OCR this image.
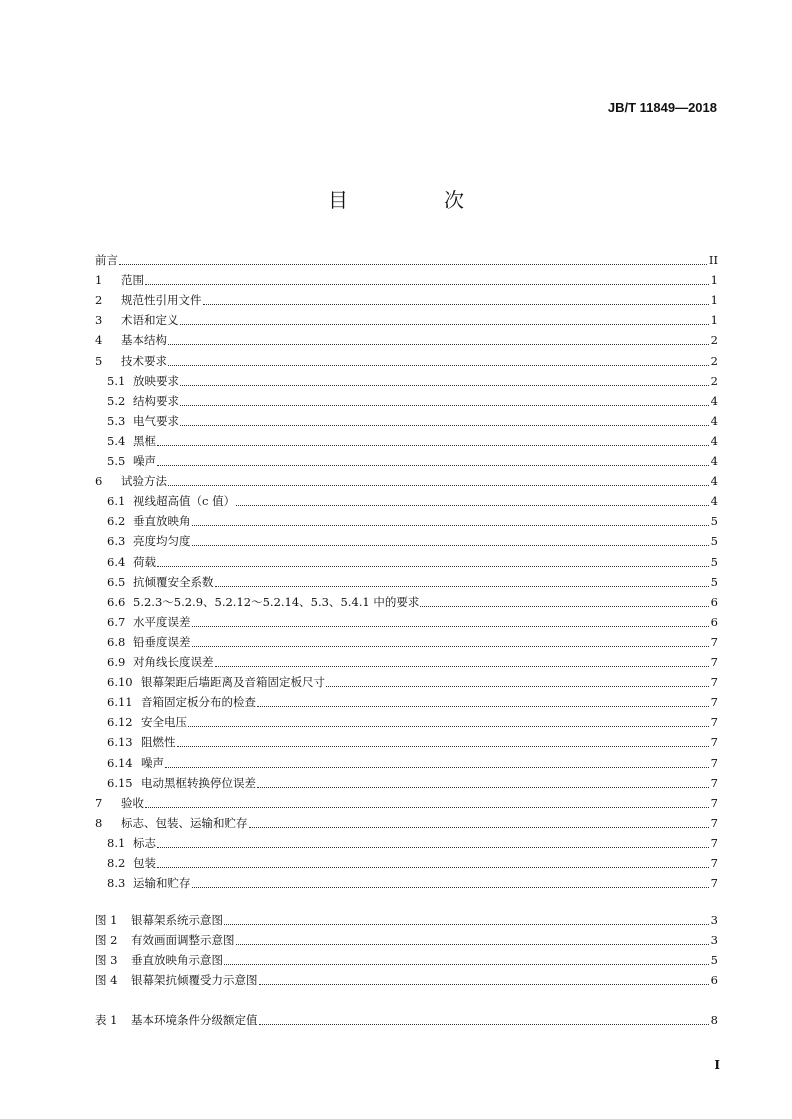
JB/T 11849—2018
目　次
前言	II
1	范围	1
2	规范性引用文件	1
3	术语和定义	1
4	基本结构	2
5	技术要求	2
5.1 放映要求	2
5.2 结构要求	4
5.3 电气要求	4
5.4 黑框	4
5.5 噪声	4
6	试验方法	4
6.1 视线超高值（c 值）	4
6.2 垂直放映角	5
6.3 亮度均匀度	5
6.4 荷载	5
6.5 抗倾覆安全系数	5
6.6 5.2.3～5.2.9、5.2.12～5.2.14、5.3、5.4.1 中的要求	6
6.7 水平度误差	6
6.8 铅垂度误差	7
6.9 对角线长度误差	7
6.10 银幕架距后墙距离及音箱固定板尺寸	7
6.11 音箱固定板分布的检查	7
6.12 安全电压	7
6.13 阻燃性	7
6.14 噪声	7
6.15 电动黑框转换停位误差	7
7	验收	7
8	标志、包装、运输和贮存	7
8.1 标志	7
8.2 包装	7
8.3 运输和贮存	7
图 1	银幕架系统示意图	3
图 2	有效画面调整示意图	3
图 3	垂直放映角示意图	5
图 4	银幕架抗倾覆受力示意图	6
表 1	基本环境条件分级额定值	8
I
